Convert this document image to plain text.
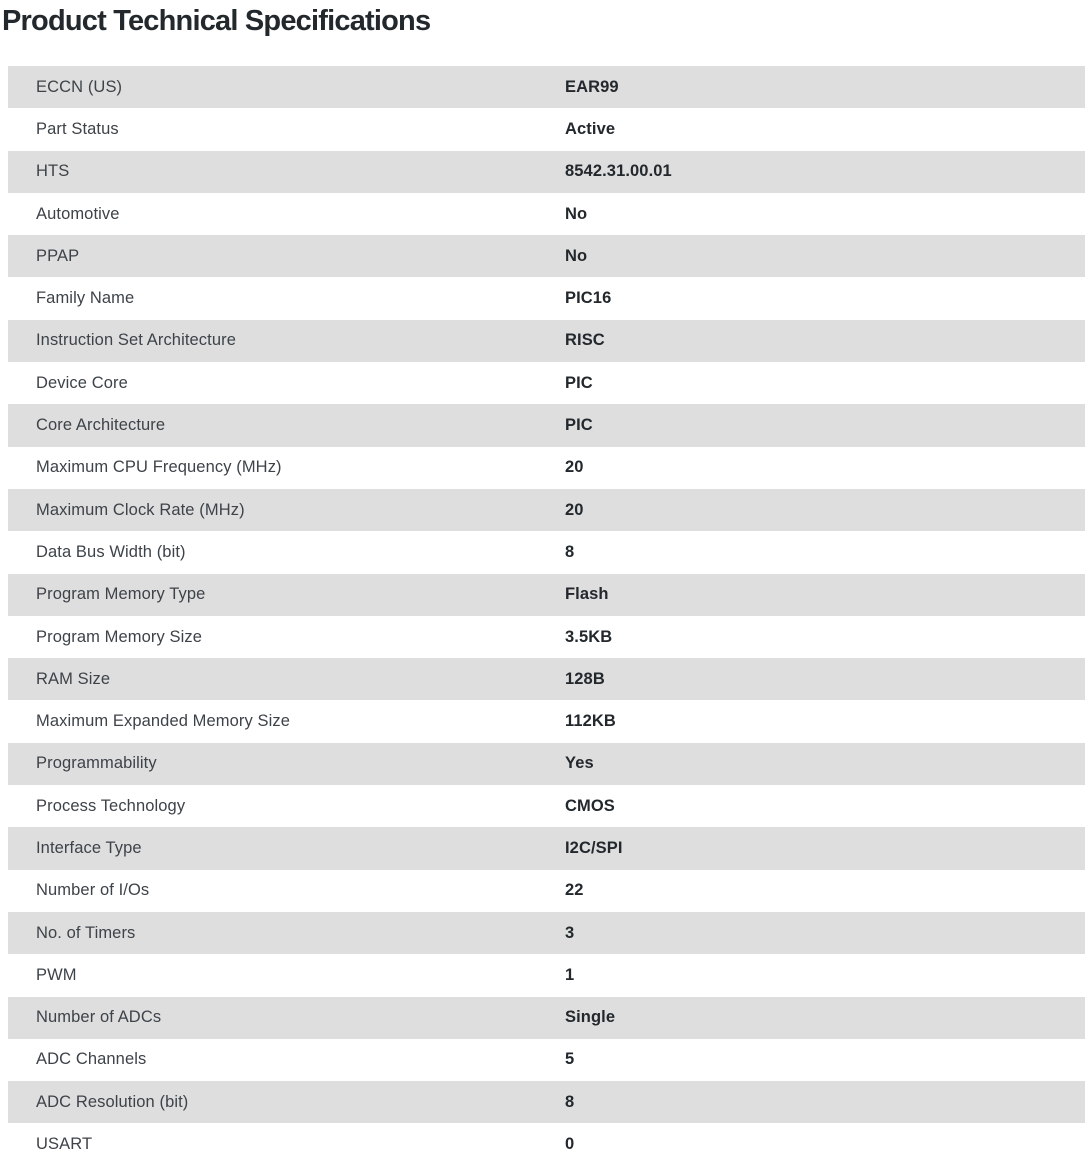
Product Technical Specifications
ECCN (US)	EAR99
Part Status	Active
HTS	8542.31.00.01
Automotive	No
PPAP	No
Family Name	PIC16
Instruction Set Architecture	RISC
Device Core	PIC
Core Architecture	PIC
Maximum CPU Frequency (MHz)	20
Maximum Clock Rate (MHz)	20
Data Bus Width (bit)	8
Program Memory Type	Flash
Program Memory Size	3.5KB
RAM Size	128B
Maximum Expanded Memory Size	112KB
Programmability	Yes
Process Technology	CMOS
Interface Type	I2C/SPI
Number of I/Os	22
No. of Timers	3
PWM	1
Number of ADCs	Single
ADC Channels	5
ADC Resolution (bit)	8
USART	0
